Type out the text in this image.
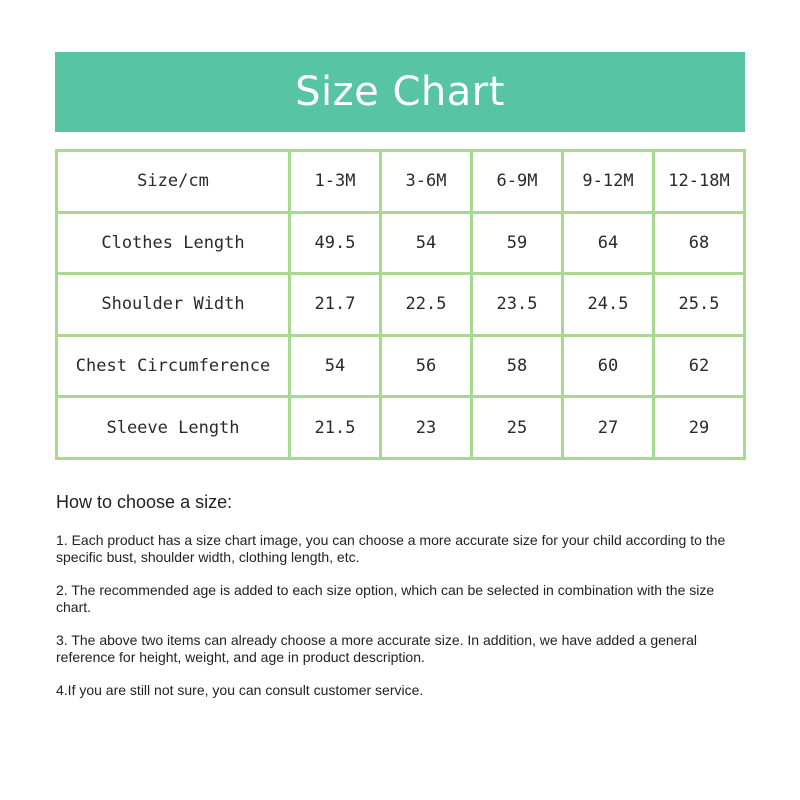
Size Chart
Size/cm	1-3M	3-6M	6-9M	9-12M	12-18M
Clothes Length	49.5	54	59	64	68
Shoulder Width	21.7	22.5	23.5	24.5	25.5
Chest Circumference	54	56	58	60	62
Sleeve Length	21.5	23	25	27	29
How to choose a size:
1. Each product has a size chart image, you can choose a more accurate size for your child according to the specific bust, shoulder width, clothing length, etc.
2. The recommended age is added to each size option, which can be selected in combination with the size chart.
3. The above two items can already choose a more accurate size. In addition, we have added a general reference for height, weight, and age in product description.
4.If you are still not sure, you can consult customer service.
